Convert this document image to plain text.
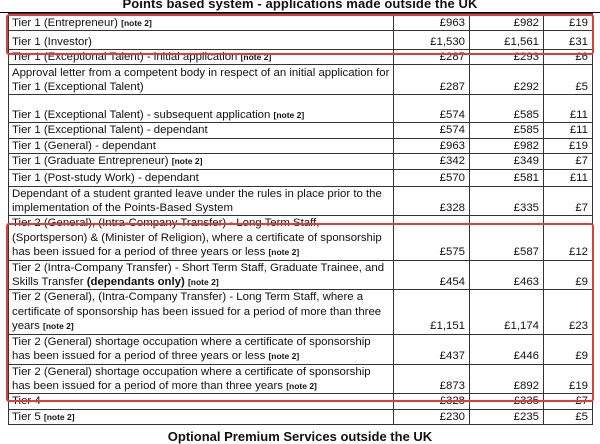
Points based system - applications made outside the UK
Tier 1 (Entrepreneur) [note 2]	£963	£982	£19
Tier 1 (Investor)	£1,530	£1,561	£31
Tier 1 (Exceptional Talent) - initial application [note 2]	£287	£293	£6
Approval letter from a competent body in respect of an initial application for Tier 1 (Exceptional Talent)	£287	£292	£5
Tier 1 (Exceptional Talent) - subsequent application [note 2]	£574	£585	£11
Tier 1 (Exceptional Talent) - dependant	£574	£585	£11
Tier 1 (General) - dependant	£963	£982	£19
Tier 1 (Graduate Entrepreneur) [note 2]	£342	£349	£7
Tier 1 (Post-study Work) - dependant	£570	£581	£11
Dependant of a student granted leave under the rules in place prior to the implementation of the Points-Based System	£328	£335	£7
Tier 2 (General), (Intra-Company Transfer) - Long Term Staff, (Sportsperson) & (Minister of Religion), where a certificate of sponsorship has been issued for a period of three years or less [note 2]	£575	£587	£12
Tier 2 (Intra-Company Transfer) - Short Term Staff, Graduate Trainee, and Skills Transfer (dependants only) [note 2]	£454	£463	£9
Tier 2 (General), (Intra-Company Transfer) - Long Term Staff, where a certificate of sponsorship has been issued for a period of more than three years [note 2]	£1,151	£1,174	£23
Tier 2 (General) shortage occupation where a certificate of sponsorship has been issued for a period of three years or less [note 2]	£437	£446	£9
Tier 2 (General) shortage occupation where a certificate of sponsorship has been issued for a period of more than three years [note 2]	£873	£892	£19
Tier 4	£328	£335	£7
Tier 5 [note 2]	£230	£235	£5
Optional Premium Services outside the UK
